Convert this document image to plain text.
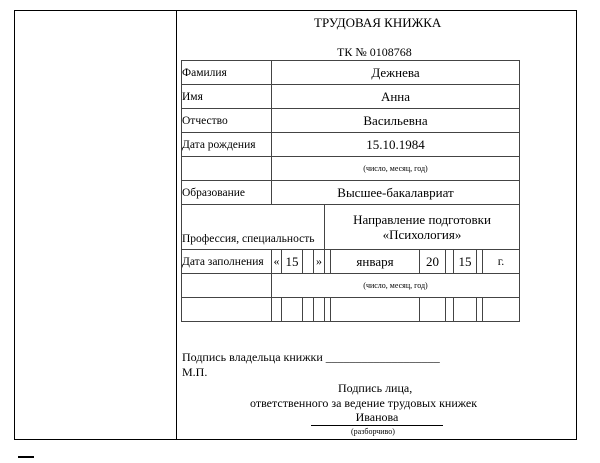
ТРУДОВАЯ КНИЖКА
ТК № 0108768
Фамилия	Дежнева										
Имя	Анна										
Отчество	Васильевна										
Дата рождения	15.10.1984										
	(число, месяц, год)										
Образование	Высшее-бакалавриат										
Профессия, специальность					Направление подготовки
«Психология»						

Дата заполнения	«	15		»		января	20		15		г.
	(число, месяц, год)										

Подпись владельца книжки ___________________
М.П.
Подпись лица,
ответственного за ведение трудовых книжек
Иванова
(разборчиво)
